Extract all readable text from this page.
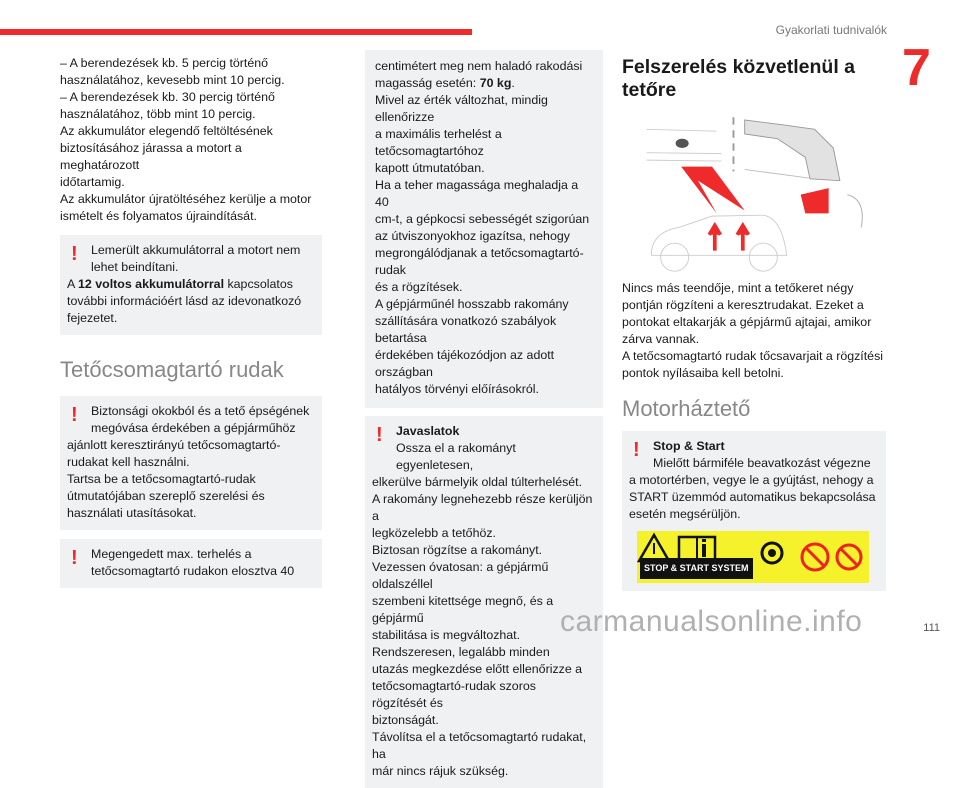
Gyakorlati tudnivalók
7

– A berendezések kb. 5 percig történő
használatához, kevesebb mint 10 percig.
– A berendezések kb. 30 percig történő
használatához, több mint 10 percig.
Az akkumulátor elegendő feltöltésének
biztosításához járassa a motort a meghatározott
időtartamig.
Az akkumulátor újratöltéséhez kerülje a motor
ismételt és folyamatos újraindítását.

!	Lemerült akkumulátorral a motort nem
lehet beindítani.

A 12 voltos akkumulátorral kapcsolatos
további információért lásd az idevonatkozó
fejezetet.

Tetőcsomagtartó rudak
!	Biztonsági okokból és a tető épségének
megóvása érdekében a gépjárműhöz

ajánlott keresztirányú tetőcsomagtartó-
rudakat kell használni.
Tartsa be a tetőcsomagtartó-rudak
útmutatójában szereplő szerelési és
használati utasításokat.

!	Megengedett max. terhelés a
tetőcsomagtartó rudakon elosztva 40

centimétert meg nem haladó rakodási
magasság esetén: 70 kg.
Mivel az érték változhat, mindig ellenőrizze
a maximális terhelést a tetőcsomagtartóhoz
kapott útmutatóban.
Ha a teher magassága meghaladja a 40
cm-t, a gépkocsi sebességét szigorúan
az útviszonyokhoz igazítsa, nehogy
megrongálódjanak a tetőcsomagtartó-rudak
és a rögzítések.
A gépjárműnél hosszabb rakomány
szállítására vonatkozó szabályok betartása
érdekében tájékozódjon az adott országban
hatályos törvényi előírásokról.

!	Javaslatok

Ossza el a rakományt egyenletesen,

elkerülve bármelyik oldal túlterhelését.
A rakomány legnehezebb része kerüljön a
legközelebb a tetőhöz.
Biztosan rögzítse a rakományt.
Vezessen óvatosan: a gépjármű oldalszéllel
szembeni kitettsége megnő, és a gépjármű
stabilitása is megváltozhat.
Rendszeresen, legalább minden
utazás megkezdése előtt ellenőrizze a
tetőcsomagtartó-rudak szoros rögzítését és
biztonságát.
Távolítsa el a tetőcsomagtartó rudakat, ha
már nincs rájuk szükség.

Felszerelés közvetlenül a
tetőre

Nincs más teendője, mint a tetőkeret négy
pontján rögzíteni a keresztrudakat. Ezeket a
pontokat eltakarják a gépjármű ajtajai, amikor
zárva vannak.
A tetőcsomagtartó rudak tőcsavarjait a rögzítési
pontok nyílásaiba kell betolni.

Motorháztető
!	Stop & Start

Mielőtt bármiféle beavatkozást végezne

a motortérben, vegye le a gyújtást, nehogy a
START üzemmód automatikus bekapcsolása
esetén megsérüljön.

STOP & START SYSTEM
carmanualsonline.info	111
